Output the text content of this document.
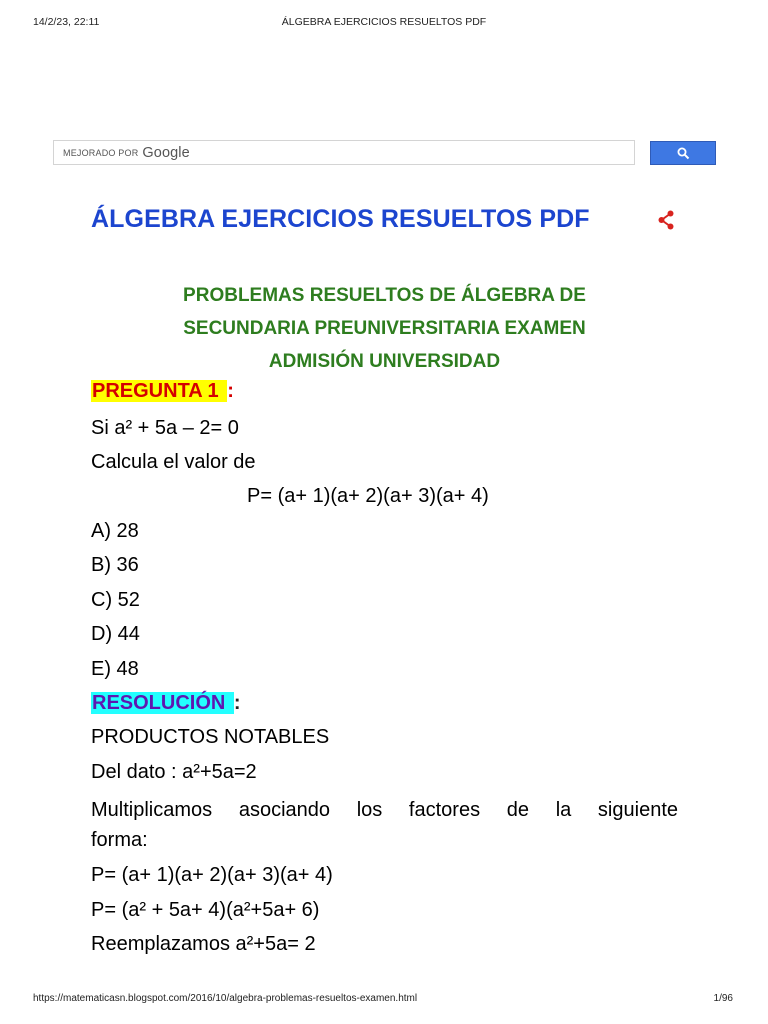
14/2/23, 22:11	ÁLGEBRA EJERCICIOS RESUELTOS PDF
MEJORADO POR Google
ÁLGEBRA EJERCICIOS RESUELTOS PDF
PROBLEMAS RESUELTOS DE ÁLGEBRA DE
SECUNDARIA PREUNIVERSITARIA EXAMEN
ADMISIÓN UNIVERSIDAD
PREGUNTA 1 :
Si a² + 5a – 2= 0
Calcula el valor de
P= (a+ 1)(a+ 2)(a+ 3)(a+ 4)
A) 28
B) 36
C) 52
D) 44
E) 48
RESOLUCIÓN :
PRODUCTOS NOTABLES
Del dato : a²+5a=2
Multiplicamos asociando los factores de la siguiente
forma:
P= (a+ 1)(a+ 2)(a+ 3)(a+ 4)
P= (a² + 5a+ 4)(a²+5a+ 6)
Reemplazamos a²+5a= 2
https://matematicasn.blogspot.com/2016/10/algebra-problemas-resueltos-examen.html	1/96
